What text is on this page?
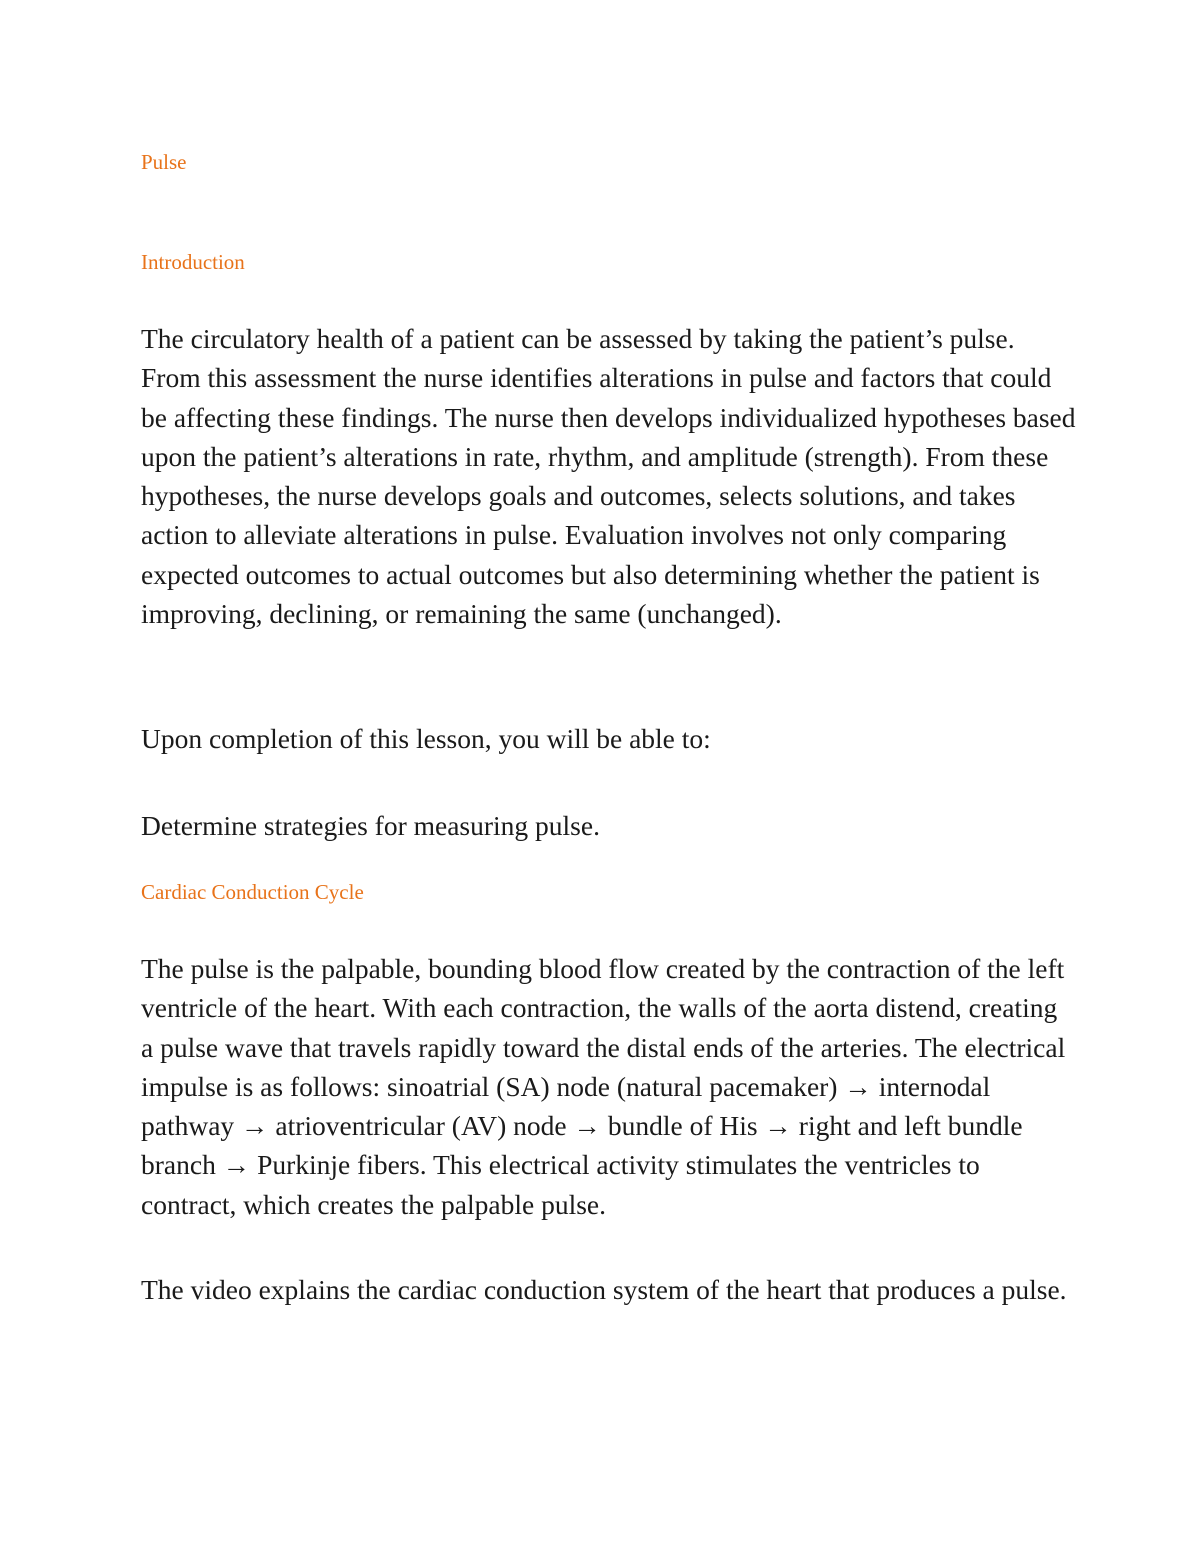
Pulse
Introduction

The circulatory health of a patient can be assessed by taking the patient’s pulse. From this assessment the nurse identifies alterations in pulse and factors that could be affecting these findings. The nurse then develops individualized hypotheses based upon the patient’s alterations in rate, rhythm, and amplitude (strength). From these hypotheses, the nurse develops goals and outcomes, selects solutions, and takes action to alleviate alterations in pulse. Evaluation involves not only comparing expected outcomes to actual outcomes but also determining whether the patient is improving, declining, or remaining the same (unchanged).

Upon completion of this lesson, you will be able to:

Determine strategies for measuring pulse.

Cardiac Conduction Cycle

The pulse is the palpable, bounding blood flow created by the contraction of the left ventricle of the heart. With each contraction, the walls of the aorta distend, creating a pulse wave that travels rapidly toward the distal ends of the arteries. The electrical impulse is as follows: sinoatrial (SA) node (natural pacemaker) → internodal pathway → atrioventricular (AV) node → bundle of His → right and left bundle branch → Purkinje fibers. This electrical activity stimulates the ventricles to contract, which creates the palpable pulse.

The video explains the cardiac conduction system of the heart that produces a pulse.
